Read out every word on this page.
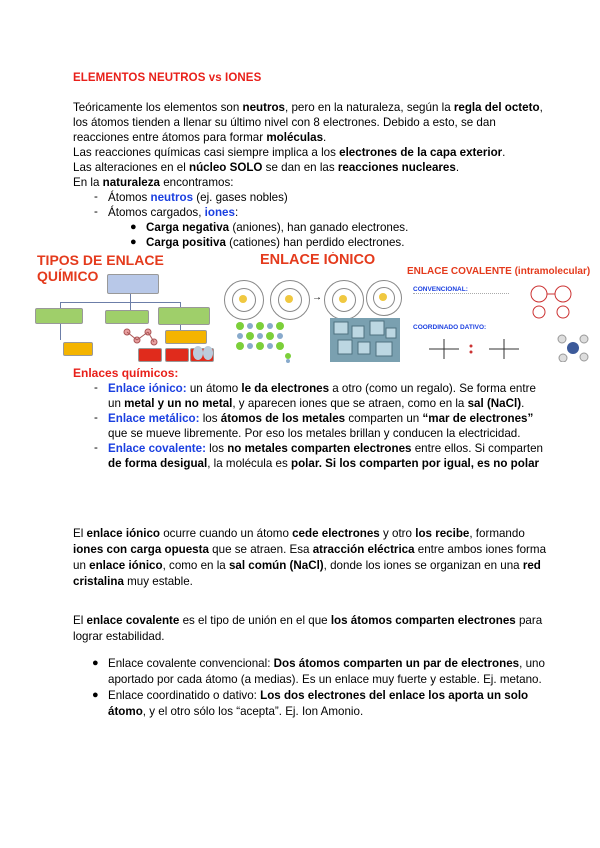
ELEMENTOS NEUTROS vs IONES
Teóricamente los elementos son neutros, pero en la naturaleza, según la regla del octeto,
los átomos tienden a llenar su último nivel con 8 electrones. Debido a esto, se dan
reacciones entre átomos para formar moléculas.
Las reacciones químicas casi siempre implica a los electrones de la capa exterior.
Las alteraciones en el núcleo SOLO se dan en las reacciones nucleares.
En la naturaleza encontramos:
- Átomos neutros (ej. gases nobles)
- Átomos cargados, iones:
● Carga negativa (aniones), han ganado electrones.
● Carga positiva (cationes) han perdido electrones.
TIPOS DE ENLACE QUÍMICO
ENLACE IÓNICO
→
ENLACE COVALENTE (intramolecular)
CONVENCIONAL:
COORDINADO DATIVO:
Enlaces químicos:
- Enlace iónico: un átomo le da electrones a otro (como un regalo). Se forma entre
un metal y un no metal, y aparecen iones que se atraen, como en la sal (NaCl).
- Enlace metálico: los átomos de los metales comparten un “mar de electrones”
que se mueve libremente. Por eso los metales brillan y conducen la electricidad.
- Enlace covalente: los no metales comparten electrones entre ellos. Si comparten
de forma desigual, la molécula es polar. Si los comparten por igual, es no polar
El enlace iónico ocurre cuando un átomo cede electrones y otro los recibe, formando
iones con carga opuesta que se atraen. Esa atracción eléctrica entre ambos iones forma
un enlace iónico, como en la sal común (NaCl), donde los iones se organizan en una red
cristalina muy estable.
El enlace covalente es el tipo de unión en el que los átomos comparten electrones para
lograr estabilidad.
● Enlace covalente convencional: Dos átomos comparten un par de electrones, uno
aportado por cada átomo (a medias). Es un enlace muy fuerte y estable. Ej. metano.
● Enlace coordinatido o dativo: Los dos electrones del enlace los aporta un solo
átomo, y el otro sólo los “acepta”. Ej. Ion Amonio.
